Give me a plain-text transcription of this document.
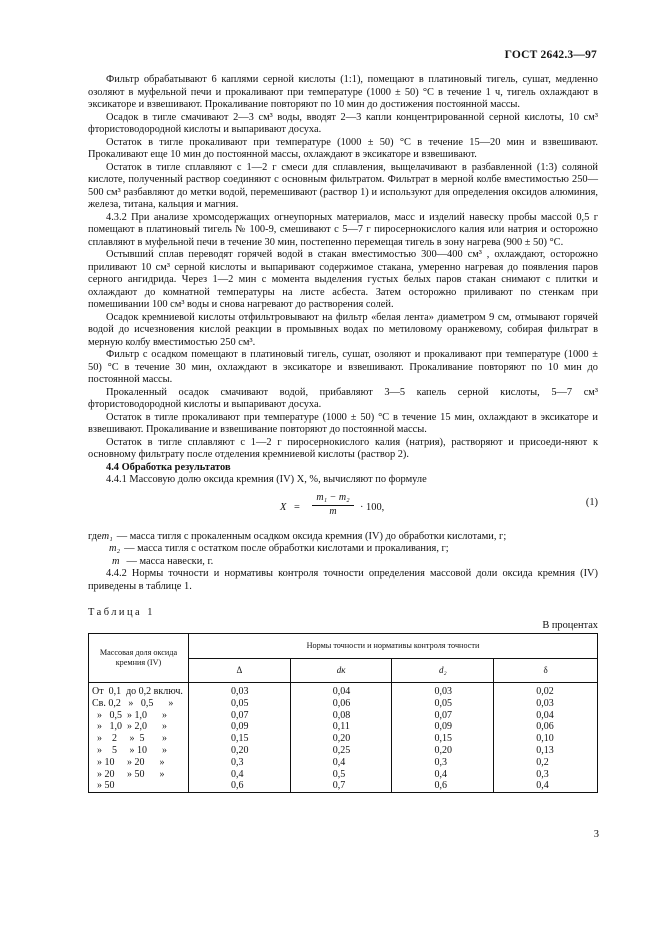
ГОСТ 2642.3—97

Фильтр обрабатывают 6 каплями серной кислоты (1:1), помещают в платиновый тигель, сушат, медленно озоляют в муфельной печи и прокаливают при температуре (1000 ± 50) °С в течение 1 ч, тигель охлаждают в эксикаторе и взвешивают. Прокаливание повторяют по 10 мин до достижения постоянной массы.

Осадок в тигле смачивают 2—3 см³ воды, вводят 2—3 капли концентрированной серной кислоты, 10 см³ фтористоводородной кислоты и выпаривают досуха.

Остаток в тигле прокаливают при температуре (1000 ± 50) °С в течение 15—20 мин и взвешивают. Прокаливают еще 10 мин до постоянной массы, охлаждают в эксикаторе и взвешивают.

Остаток в тигле сплавляют с 1—2 г смеси для сплавления, выщелачивают в разбавленной (1:3) соляной кислоте, полученный раствор соединяют с основным фильтратом. Фильтрат в мерной колбе вместимостью 250—500 см³ разбавляют до метки водой, перемешивают (раствор 1) и используют для определения оксидов алюминия, железа, титана, кальция и магния.

4.3.2 При анализе хромсодержащих огнеупорных материалов, масс и изделий навеску пробы массой 0,5 г помещают в платиновый тигель № 100-9, смешивают с 5—7 г пиросернокислого калия или натрия и осторожно сплавляют в муфельной печи в течение 30 мин, постепенно перемещая тигель в зону нагрева (900 ± 50) °С.

Остывший сплав переводят горячей водой в стакан вместимостью 300—400 см³ , охлаждают, осторожно приливают 10 см³ серной кислоты и выпаривают содержимое стакана, умеренно нагревая до появления паров серного ангидрида. Через 1—2 мин с момента выделения густых белых паров стакан снимают с плитки и охлаждают до комнатной температуры на листе асбеста. Затем осторожно приливают по стенкам при помешивании 100 см³ воды и снова нагревают до растворения солей.

Осадок кремниевой кислоты отфильтровывают на фильтр «белая лента» диаметром 9 см, отмывают горячей водой до исчезновения кислой реакции в промывных водах по метиловому оранжевому, собирая фильтрат в мерную колбу вместимостью 250 см³.

Фильтр с осадком помещают в платиновый тигель, сушат, озоляют и прокаливают при температуре (1000 ± 50) °С в течение 30 мин, охлаждают в эксикаторе и взвешивают. Прокаливание повторяют по 10 мин до постоянной массы.

Прокаленный осадок смачивают водой, прибавляют 3—5 капель серной кислоты, 5—7 см³ фтористоводородной кислоты и выпаривают досуха.

Остаток в тигле прокаливают при температуре (1000 ± 50) °С в течение 15 мин, охлаждают в эксикаторе и взвешивают. Прокаливание и взвешивание повторяют до постоянной массы.

Остаток в тигле сплавляют с 1—2 г пиросернокислого калия (натрия), растворяют и присоеди-няют к основному фильтрату после отделения кремниевой кислоты (раствор 2).

4.4 Обработка результатов

4.4.1 Массовую долю оксида кремния (IV) X, %, вычисляют по формуле

$X = \frac{\text{m₁ − m₂}}{m} \cdot 100$,	(1)
где m₁ — масса тигля с прокаленным осадком оксида кремния (IV) до обработки кислотами, г;
m₂ — масса тигля с остатком после обработки кислотами и прокаливания, г;
m — масса навески, г.

4.4.2 Нормы точности и нормативы контроля точности определения массовой доли оксида кремния (IV) приведены в таблице 1.

Таблица 1
В процентах
Массовая доля оксида кремния (IV)	Нормы точности и нормативы контроля точности			
	Δ	dк	d₂	δ
От  0,1  до 0,2 включ.	0,03	0,04	0,03	0,02
Св. 0,2   »   0,5      »	0,05	0,06	0,05	0,03
»   0,5  » 1,0      »	0,07	0,08	0,07	0,04
»   1,0  » 2,0      »	0,09	0,11	0,09	0,06
»    2     »  5       »	0,15	0,20	0,15	0,10
»    5     » 10      »	0,20	0,25	0,20	0,13
» 10     » 20      »	0,3	0,4	0,3	0,2
» 20     » 50      »	0,4	0,5	0,4	0,3
» 50	0,6	0,7	0,6	0,4
3
